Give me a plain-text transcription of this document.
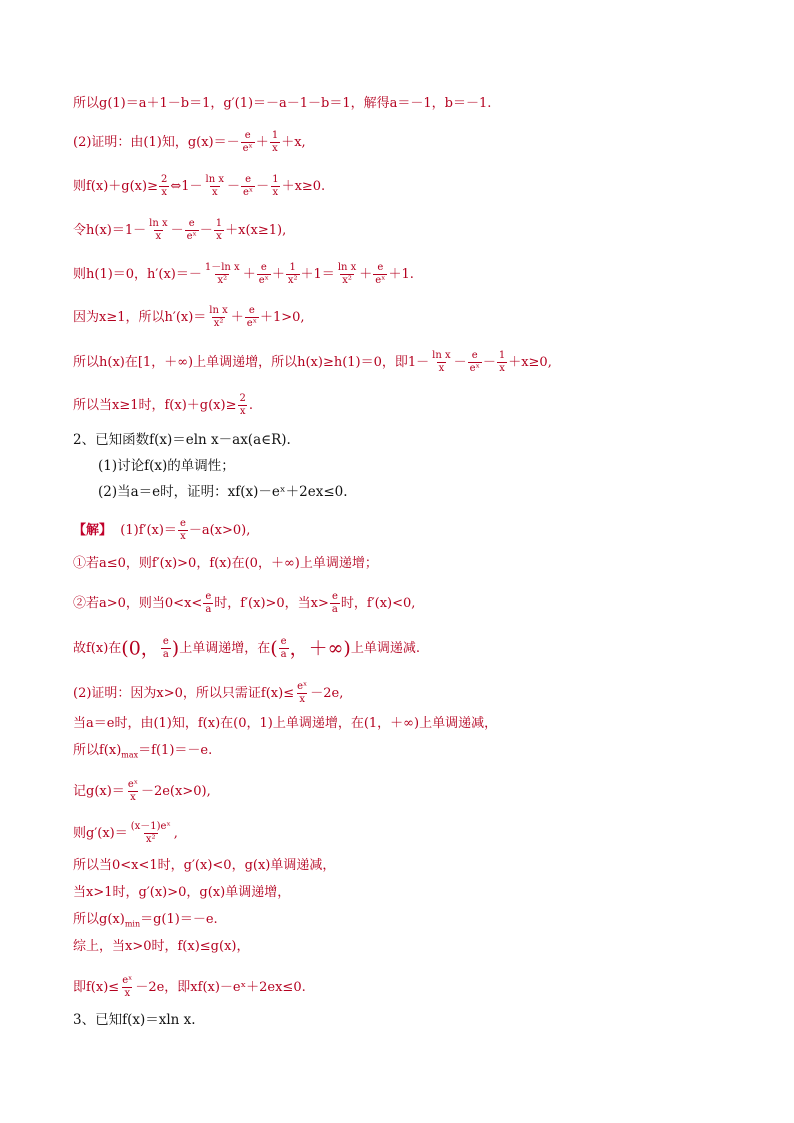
所以g(1)＝a＋1－b＝1，g′(1)＝－a－1－b＝1，解得a＝－1，b＝－1.
(2)证明：由(1)知，$g(x)=- \frac{e}{\text{eˣ}} + \frac{1}{x} +x$,
则$f(x)+g(x)\ge \frac{2}{x}$ ⇔1－ $\frac{\text{ln x}}{x} - \frac{e}{\text{eˣ}} - \frac{1}{x} +x\ge 0$.
令$h(x)=1- \frac{\text{ln x}}{x} - \frac{e}{\text{eˣ}} - \frac{1}{x} +x(x\ge 1)$,
则h(1)＝0，$h'(x)=- \frac{\text{1－ln x}}{\text{x²}} + \frac{e}{\text{eˣ}} + \frac{1}{\text{x²}} +1= \frac{\text{ln x}}{\text{x²}} + \frac{e}{\text{eˣ}} +1$.
因为x≥1，所以$h'(x)= \frac{\text{ln x}}{\text{x²}} + \frac{e}{\text{eˣ}} +1>0$,
所以h(x)在[1，＋∞)上单调递增，所以h(x)≥h(1)＝0，即$1- \frac{\text{ln x}}{x} - \frac{e}{\text{eˣ}} - \frac{1}{x} +x\ge 0$,
所以当x≥1时，$f(x)+g(x)\ge \frac{2}{x}$ .
2、已知函数f(x)＝eln x－ax(a∈R).
(1)讨论f(x)的单调性；
(2)当a＝e时，证明：xf(x)－eˣ＋2ex≤0.
【解】 $(1)f'(x)= \frac{e}{x} -a(x>0)$,
①若a≤0，则f′(x)>0，f(x)在(0，＋∞)上单调递增；
②若a>0，则当$0<x< \frac{e}{a}$ 时，f′(x)>0，当$x> \frac{e}{a}$ 时，f′(x)<0,
故f(x)在(0， $\frac{e}{a}$ )上单调递增，在( $\frac{e}{a}$ ，＋∞)上单调递减.
(2)证明：因为x>0，所以只需证$f(x)\le \frac{\text{eˣ}}{x} -2e$,
当a＝e时，由(1)知，f(x)在(0，1)上单调递增，在(1，＋∞)上单调递减，
所以$f(x)_{max}=f(1)=-e$.
记$g(x)= \frac{\text{eˣ}}{x} -2e(x>0)$,
则$g'(x)= \frac{\text{(x－1)eˣ}}{\text{x²}}$ ,
所以当0<x<1时，g′(x)<0，g(x)单调递减，
当x>1时，g′(x)>0，g(x)单调递增，
所以$g(x)_{min}=g(1)=-e$.
综上，当x>0时，f(x)≤g(x)，
即$f(x)\le \frac{\text{eˣ}}{x} -2e$，即xf(x)－eˣ＋2ex≤0.
3、已知f(x)＝xln x.
